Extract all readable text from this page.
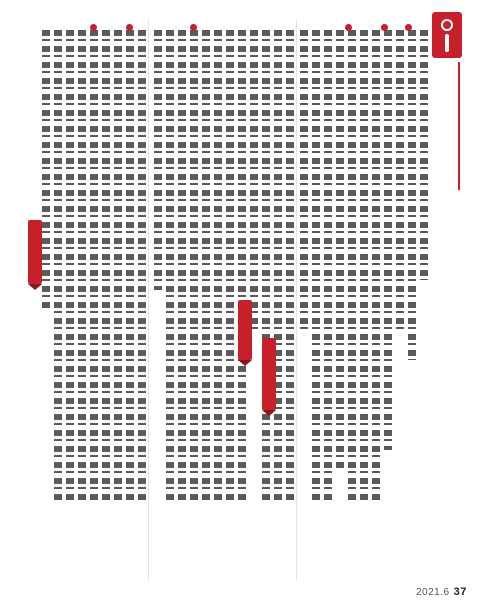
2021.6 37
